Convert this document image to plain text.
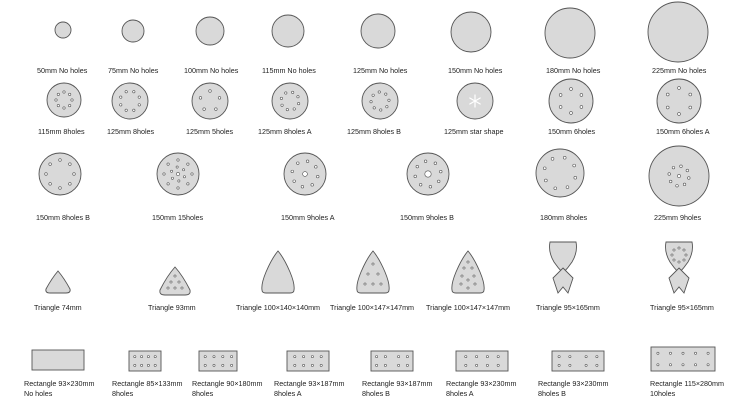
50mm No holes	75mm No holes	100mm No holes	115mm No holes	125mm No holes	150mm No holes	180mm No holes	225mm No holes
115mm 8holes	125mm 8holes	125mm 5holes	125mm 8holes A	125mm 8holes B	125mm star shape	150mm 6holes	150mm 6holes A
150mm 8holes B	150mm 15holes	150mm 9holes A	150mm 9holes B	180mm 8holes	225mm 9holes
Triangle 74mm	Triangle 93mm	Triangle 100×140×140mm Triangle 100×147×147mm Triangle 100×147×147mm	Triangle 95×165mm	Triangle 95×165mm
Rectangle 93×230mm
No holes
Rectangle 85×133mm
8holes
Rectangle 90×180mm
8holes
Rectangle 93×187mm
8holes A
Rectangle 93×187mm
8holes B
Rectangle 93×230mm
8holes A
Rectangle 93×230mm
8holes B
Rectangle 115×280mm
10holes
